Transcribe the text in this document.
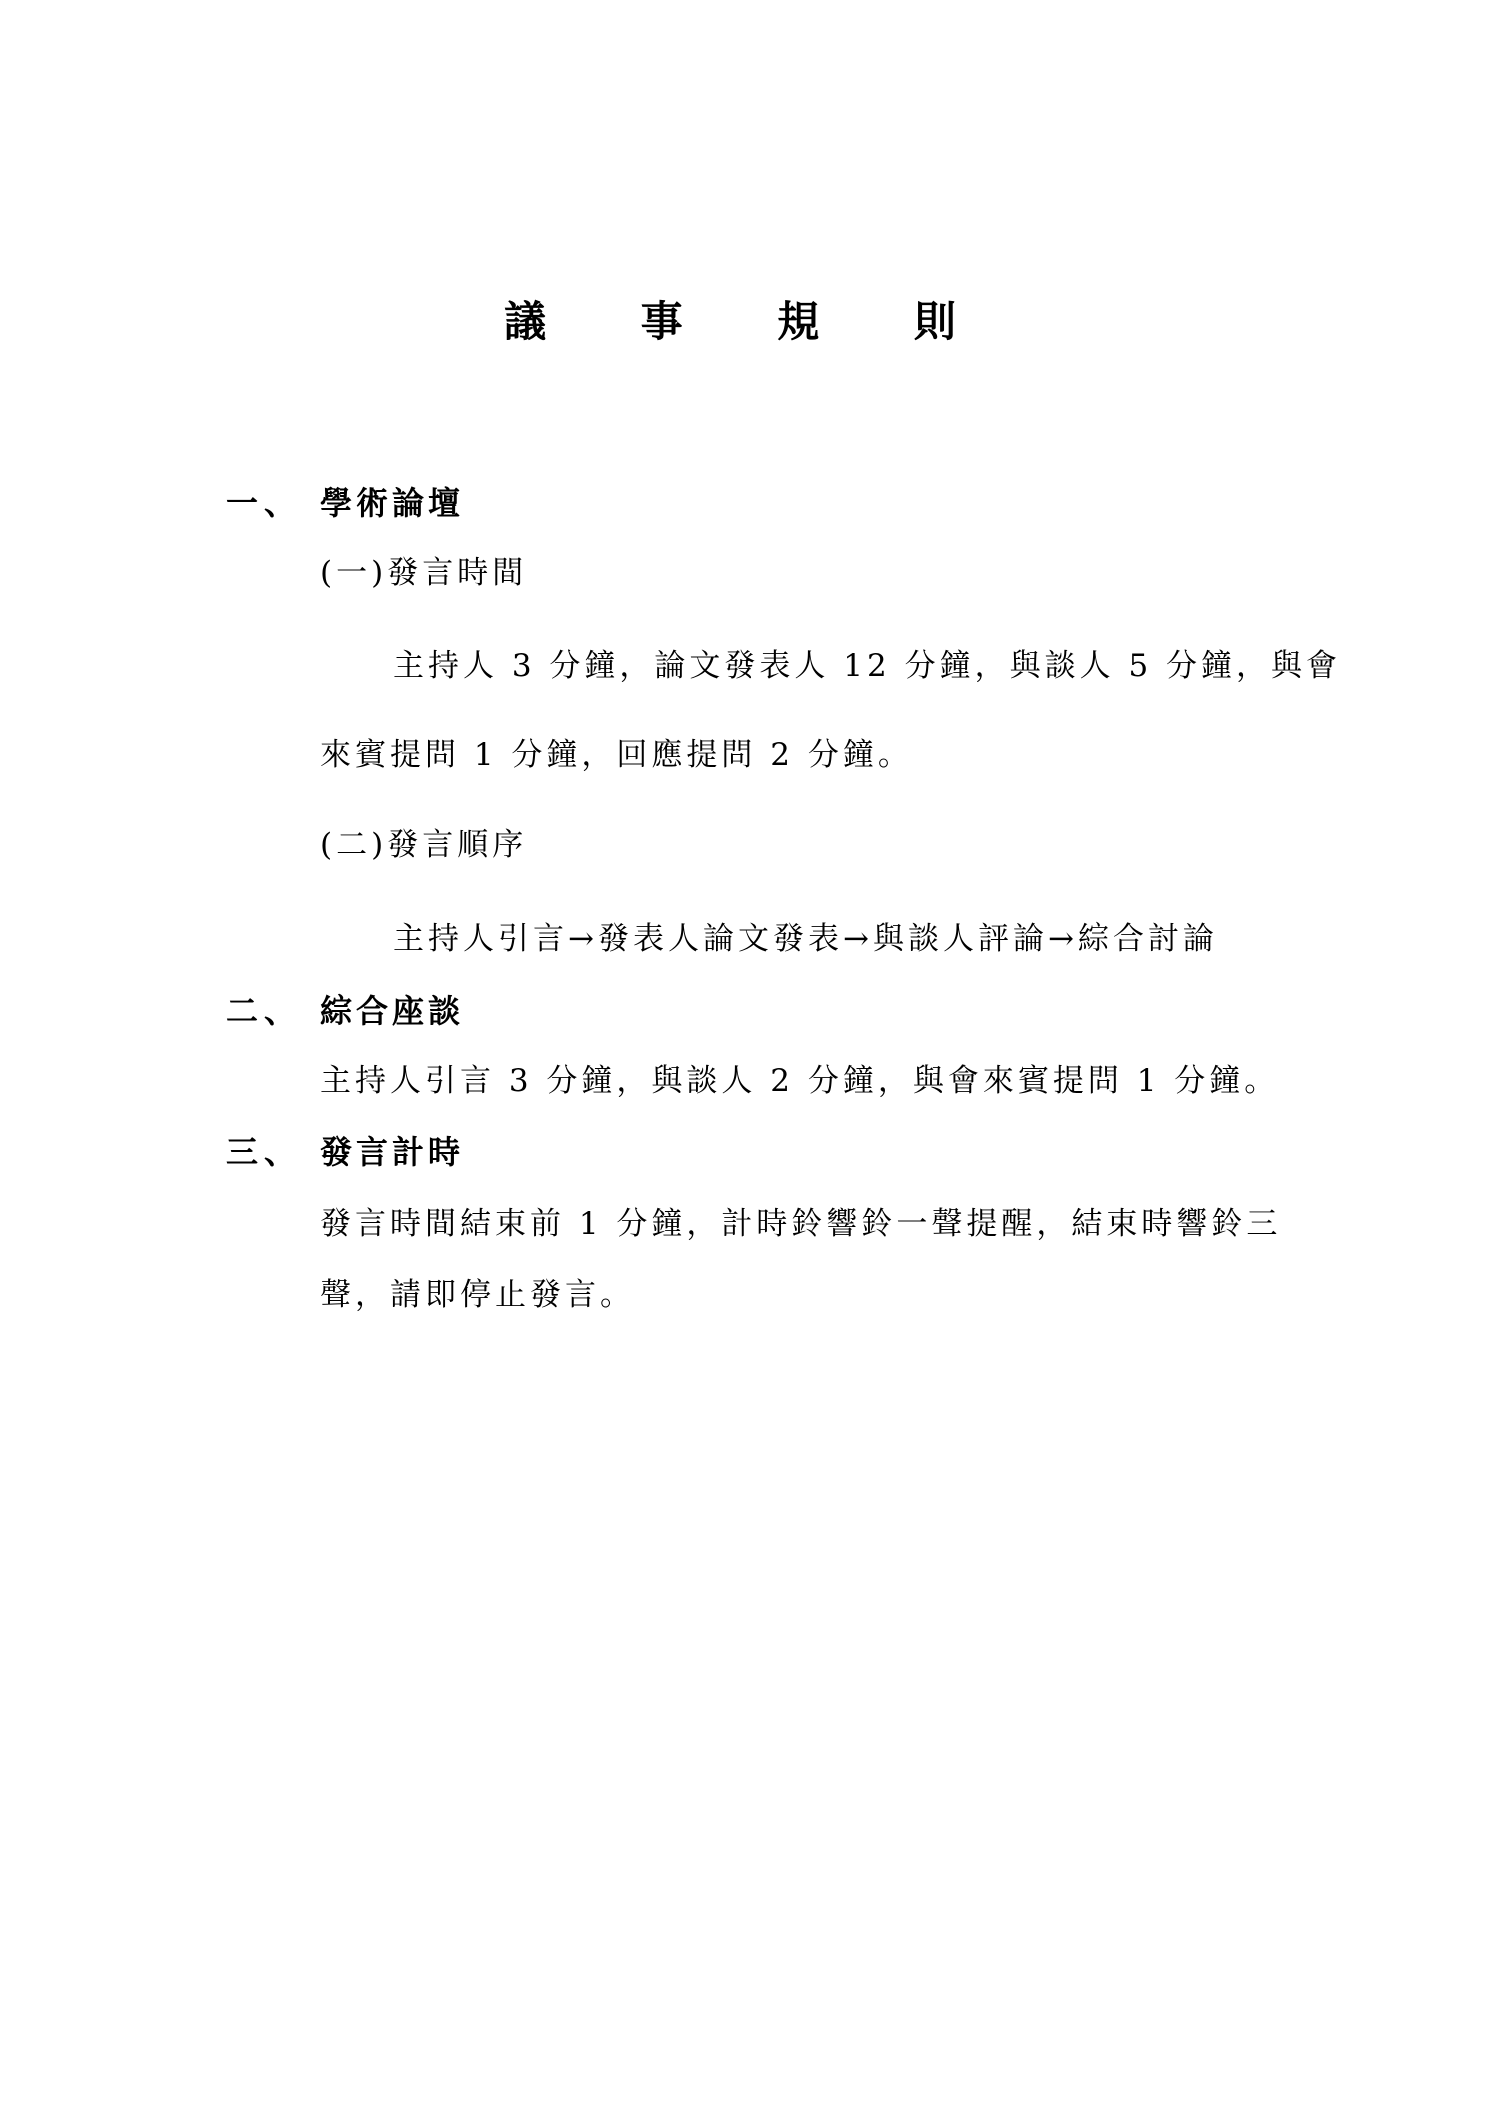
議 事 規 則
一、 學術論壇
(一)發言時間
主持人 3 分鐘，論文發表人 12 分鐘，與談人 5 分鐘，與會
來賓提問 1 分鐘，回應提問 2 分鐘。
(二)發言順序
主持人引言→發表人論文發表→與談人評論→綜合討論
二、 綜合座談
主持人引言 3 分鐘，與談人 2 分鐘，與會來賓提問 1 分鐘。
三、 發言計時
發言時間結束前 1 分鐘，計時鈴響鈴一聲提醒，結束時響鈴三
聲，請即停止發言。
